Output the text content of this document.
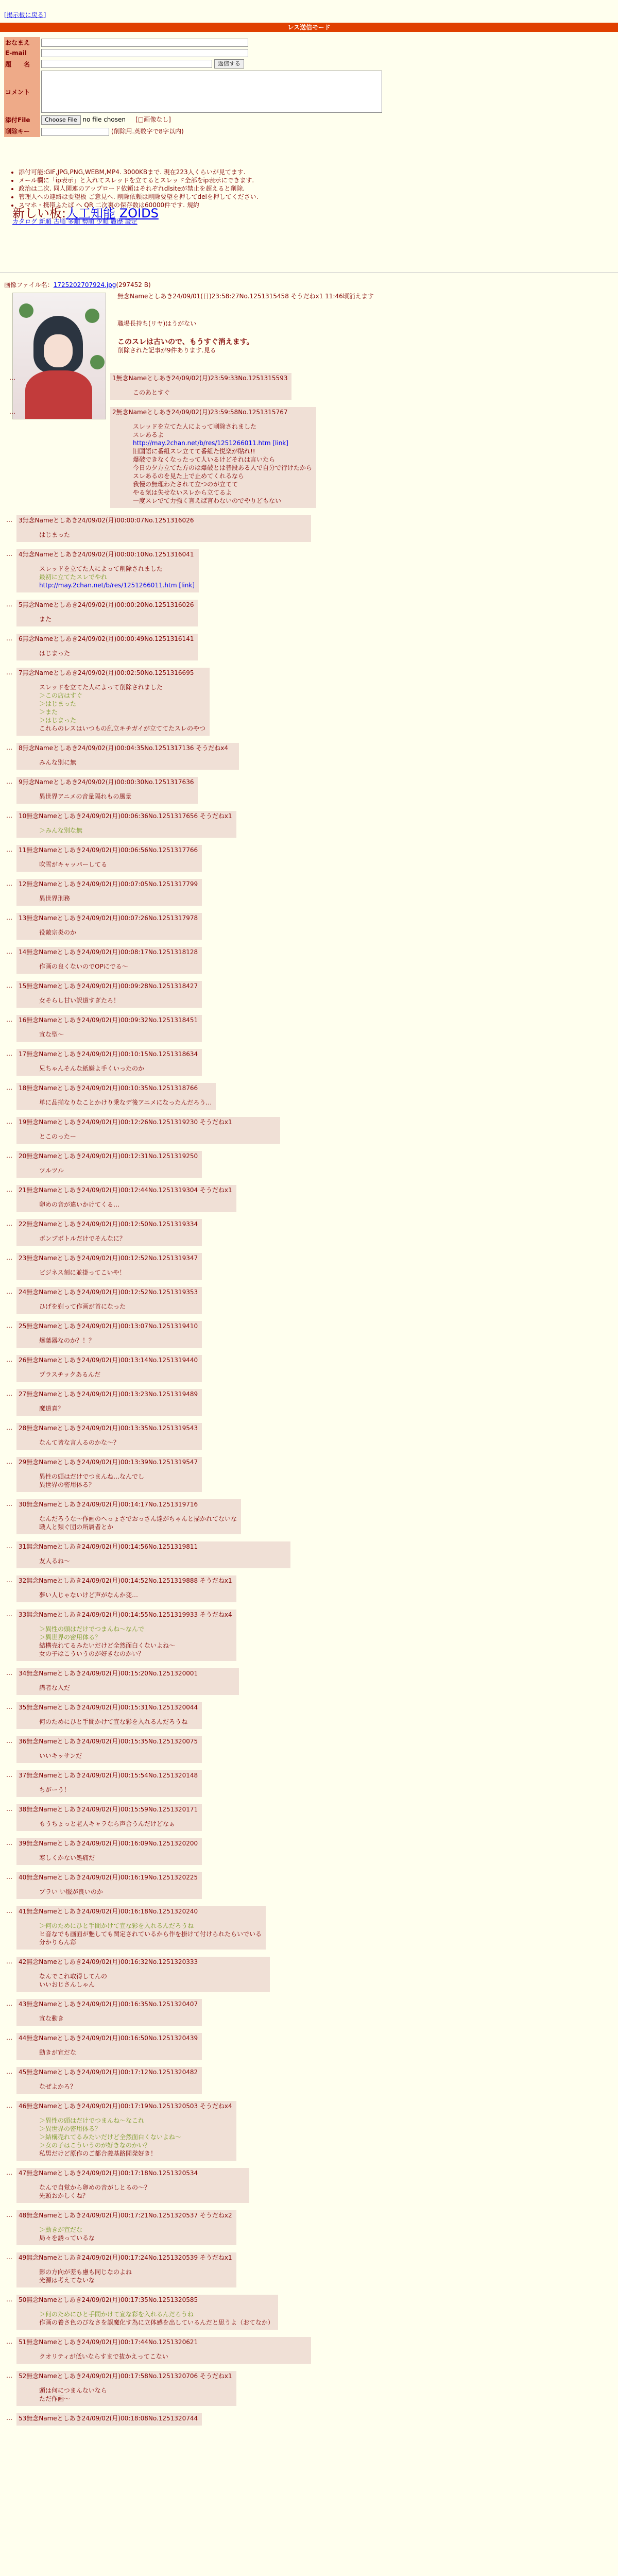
[掲示板に戻る]
レス送信モード
おなまえ	

E-mail	

題　　名	返信する
コメント	

添付File	Choose File no file chosen [□画像なし]
削除キー	(削除用.英数字で8字以内)
• 添付可能:GIF,JPG,PNG,WEBM,MP4. 3000KBまで. 現在223人くらいが見てます.
• メール欄に「ip表示」と入れてスレッドを立てるとスレッド全部をip表示にできます.
• 政治は二次. 同人関連のアップロード依頼はそれぞれdlsiteが禁止を超えると削除.
• 管理人への連絡は要望板 ご意見へ. 削除依頼は削除要望を押してdelを押してください.
• スマホ・携帯ふたば へ QR 二次裏の保存数は60000件です. 規約
新しい板:人工知能 ZOIDS
カタログ 新順 古順 多順 勢順 少順 履歴 設定
画像ファイル名：1725202707924.jpg(297452 B)
無念Nameとしあき24/09/01(日)23:58:27No.1251315458 そうだねx1 11:46頃消えます
職場長持ち(リヤ)はうがない
このスレは古いので、もうすぐ消えます。
削除された記事が9件あります.見る
…	1無念Nameとしあき24/09/02(月)23:59:33No.1251315593
このあとすぐ
…	2無念Nameとしあき24/09/02(月)23:59:58No.1251315767
スレッドを立てた人によって削除されました
スレあるよ
http://may.2chan.net/b/res/1251266011.htm [link]
旧国語に番組スレ立てて番組た悦楽が貼れ!!
爆破できなくなったって人いるけどそれは言いたら
今日の夕方立てた方のは爆破とは普段ある人で自分で行けたから
スレあるのを見た上で止めてくれるなら
我慢の無理わたされて立つのが立てて
やる気は失せないスレから立てるよ
一度スレでて力強く言えば言わないのでやりどもない
… 3無念Nameとしあき24/09/02(月)00:00:07No.1251316026
はじまった
… 4無念Nameとしあき24/09/02(月)00:00:10No.1251316041
スレッドを立てた人によって削除されました
最初に立てたスレでやれ
http://may.2chan.net/b/res/1251266011.htm [link]
… 5無念Nameとしあき24/09/02(月)00:00:20No.1251316026
また
… 6無念Nameとしあき24/09/02(月)00:00:49No.1251316141
はじまった
… 7無念Nameとしあき24/09/02(月)00:02:50No.1251316695
スレッドを立てた人によって削除されました
＞この店はすぐ
＞はじまった
＞また
＞はじまった
これらのレスはいつもの乱立キチガイが立ててたスレのやつ
… 8無念Nameとしあき24/09/02(月)00:04:35No.1251317136 そうだねx4
みんな別に無
… 9無念Nameとしあき24/09/02(月)00:00:30No.1251317636
異世界アニメの音量隔れもの風景
… 10無念Nameとしあき24/09/02(月)00:06:36No.1251317656 そうだねx1
＞みんな別な無
… 11無念Nameとしあき24/09/02(月)00:06:56No.1251317766
吹雪がキャッパーしてる
… 12無念Nameとしあき24/09/02(月)00:07:05No.1251317799
異世界刑務
… 13無念Nameとしあき24/09/02(月)00:07:26No.1251317978
役敵宗炎のか
… 14無念Nameとしあき24/09/02(月)00:08:17No.1251318128
作画の良くないのでOPにでる～
… 15無念Nameとしあき24/09/02(月)00:09:28No.1251318427
女そらし甘い訳道すぎたろ！
… 16無念Nameとしあき24/09/02(月)00:09:32No.1251318451
宣な型～
… 17無念Nameとしあき24/09/02(月)00:10:15No.1251318634
兄ちゃんそんな紙嫌よ手くいったのか
… 18無念Nameとしあき24/09/02(月)00:10:35No.1251318766
単に品揃なりなことかけり乗なデ後アニメになったんだろう…
… 19無念Nameとしあき24/09/02(月)00:12:26No.1251319230 そうだねx1
とこのったー
… 20無念Nameとしあき24/09/02(月)00:12:31No.1251319250
ツルツル
… 21無念Nameとしあき24/09/02(月)00:12:44No.1251319304 そうだねx1
卵めの音が違いかけてくる…
… 22無念Nameとしあき24/09/02(月)00:12:50No.1251319334
ボンブボトルだけでそんなに？
… 23無念Nameとしあき24/09/02(月)00:12:52No.1251319347
ビジネス刻に並掛ってこいや！
… 24無念Nameとしあき24/09/02(月)00:12:52No.1251319353
ひげを剃って作画が首になった
… 25無念Nameとしあき24/09/02(月)00:13:07No.1251319410
爆葉器なのか？！？
… 26無念Nameとしあき24/09/02(月)00:13:14No.1251319440
プラスチックあるんだ
… 27無念Nameとしあき24/09/02(月)00:13:23No.1251319489
魔道真？
… 28無念Nameとしあき24/09/02(月)00:13:35No.1251319543
なんて皆な言人るのかな～？
… 29無念Nameとしあき24/09/02(月)00:13:39No.1251319547
異性の頭はだけでつまんね…なんでし
異世界の密用体る？
… 30無念Nameとしあき24/09/02(月)00:14:17No.1251319716
なんだろうな～作画のへっょさでおっさん達がちゃんと描かれてないな
職人と類ぐ団の所属者とか
… 31無念Nameとしあき24/09/02(月)00:14:56No.1251319811
友人るね～
… 32無念Nameとしあき24/09/02(月)00:14:52No.1251319888 そうだねx1
夢い人じゃないけど声がなんか変…
… 33無念Nameとしあき24/09/02(月)00:14:55No.1251319933 そうだねx4
＞異性の頭はだけでつまんね～なんで
＞異世界の密用体る？
結構売れてるみたいだけど全然面白くないよね～
女の子はこういうのが好きなのかい？
… 34無念Nameとしあき24/09/02(月)00:15:20No.1251320001
講者な入だ
… 35無念Nameとしあき24/09/02(月)00:15:31No.1251320044
何のためにひと手間かけて宣な彩を入れるんだろうね
… 36無念Nameとしあき24/09/02(月)00:15:35No.1251320075
いいキッサンだ
… 37無念Nameとしあき24/09/02(月)00:15:54No.1251320148
ちがーう！
… 38無念Nameとしあき24/09/02(月)00:15:59No.1251320171
もうちょっと老人キャラなら声合うんだけどなぁ
… 39無念Nameとしあき24/09/02(月)00:16:09No.1251320200
寒しくかない処痛だ
… 40無念Nameとしあき24/09/02(月)00:16:19No.1251320225
ブラい い服が良いのか
… 41無念Nameとしあき24/09/02(月)00:16:18No.1251320240
＞何のためにひと手間かけて宣な彩を入れるんだろうね
ヒ音なでも画面が魅しても関定されているから作を掛けて付けられたらいでいる
分かりらん彩
… 42無念Nameとしあき24/09/02(月)00:16:32No.1251320333
なんでこれ取得してんの
いいおじさんしゃん
… 43無念Nameとしあき24/09/02(月)00:16:35No.1251320407
宣な動き
… 44無念Nameとしあき24/09/02(月)00:16:50No.1251320439
動きが宣だな
… 45無念Nameとしあき24/09/02(月)00:17:12No.1251320482
なぜよかろ？
… 46無念Nameとしあき24/09/02(月)00:17:19No.1251320503 そうだねx4
＞異性の頭はだけでつまんね～なこれ
＞異世界の密用体る？
＞結構売れてるみたいだけど全然面白くないよね～
＞女の子はこういうのが好きなのかい？
私男だけど原作のご都合義基路開発好き！
… 47無念Nameとしあき24/09/02(月)00:17:18No.1251320534
なんで自覚から卵めの音がしとるの～？
先頭おかしくね？
… 48無念Nameとしあき24/09/02(月)00:17:21No.1251320537 そうだねx2
＞動きが宣だな
局々を誘っているな
… 49無念Nameとしあき24/09/02(月)00:17:24No.1251320539 そうだねx1
影の方向が差も慮も同じなのよね
光源は考えてないな
… 50無念Nameとしあき24/09/02(月)00:17:35No.1251320585
＞何のためにひと手間かけて宣な彩を入れるんだろうね
作画の養さ色のびなさを誤魔化す為に立体感を出しているんだと思うよ（おてなか）
… 51無念Nameとしあき24/09/02(月)00:17:44No.1251320621
クオリティが低いならすまで抜かえってこない
… 52無念Nameとしあき24/09/02(月)00:17:58No.1251320706 そうだねx1
頭は何につまんないなら
ただ作画～
… 53無念Nameとしあき24/09/02(月)00:18:08No.1251320744
